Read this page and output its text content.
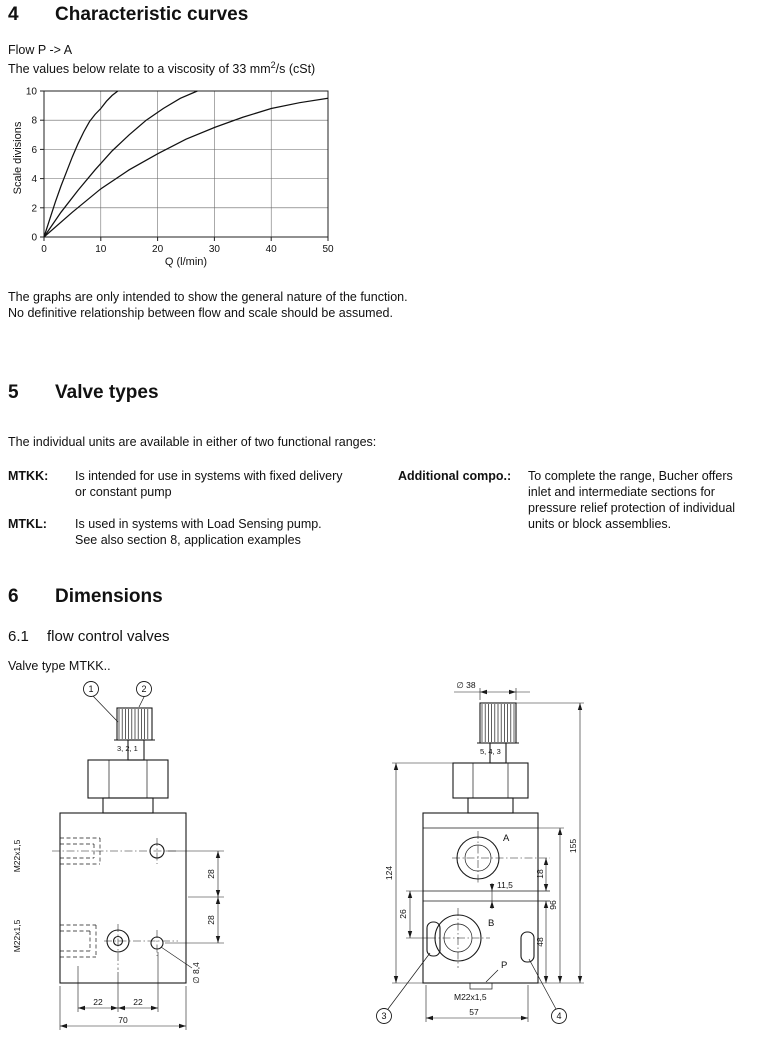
4	Characteristic curves
Flow P -> A
The values below relate to a viscosity of 33 $mm^2/s$ (cSt)
Scale divisions
0	10	20	30	40	50
0
2
4
6
8
10
Q (l/min)
The graphs are only intended to show the general nature of the function.
No definitive relationship between flow and scale should be assumed.
5	Valve types
The individual units are available in either of two functional ranges:
MTKK: Is intended for use in systems with fixed delivery
or constant pump
MTKL: Is used in systems with Load Sensing pump.
See also section 8, application examples
Additional compo.: To complete the range, Bucher offers
inlet and intermediate sections for
pressure relief protection of individual
units or block assemblies.
6	Dimensions
6.1	flow control valves
Valve type MTKK..
1	2
3, 2, 1
M22x1,5
M22x1,5
28
28
∅ 8,4
22	22
70
∅ 38
5, 4, 3
A
11,5
B
P
M22x1,5
124
26
18
48
96
155
57
3	4
